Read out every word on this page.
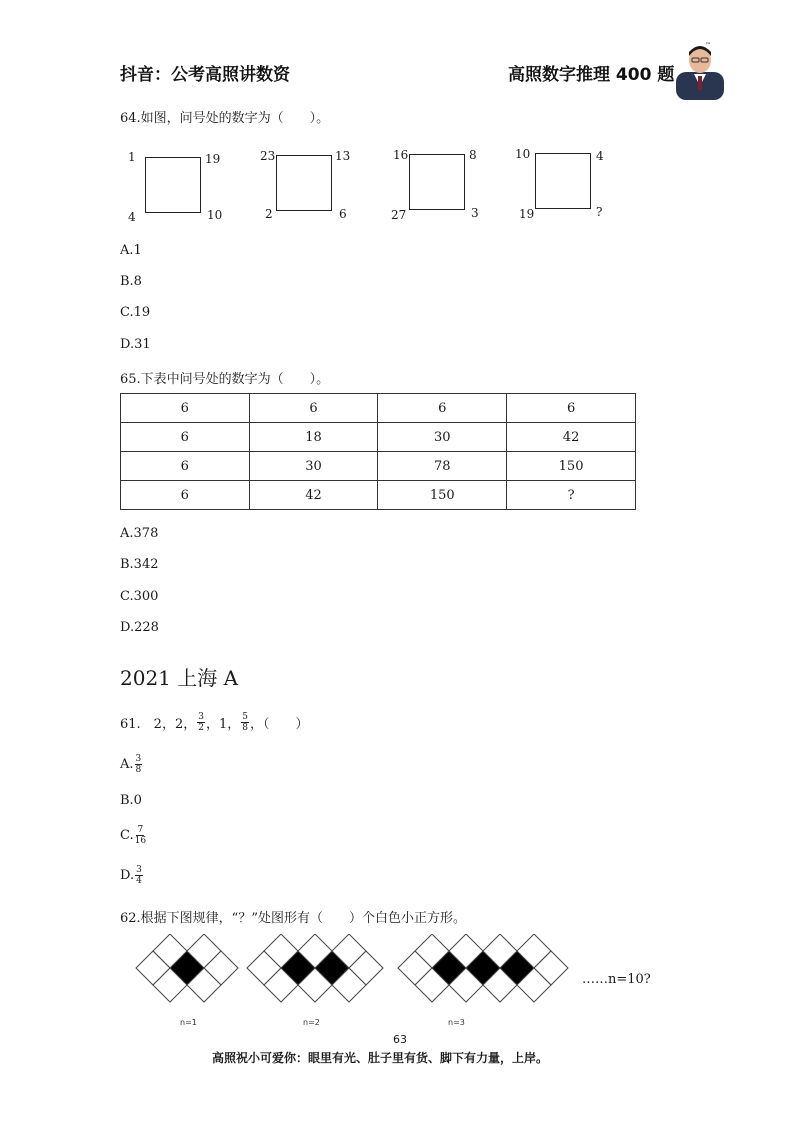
抖音：公考高照讲数资	高照数字推理 400 题
™
64.如图，问号处的数字为（　　）。
1	19
4	10
23	13
2	6
16	8
27	3
10	4
19	?
A.1
B.8
C.19
D.31
65.下表中问号处的数字为（　　）。
6	6	6	6
6	18	30	42
6	30	78	150
6	42	150	?
A.378
B.342
C.300
D.228
2021 上海 A
61.　2，2， $\frac{3}{2}$ ，1， $\frac{5}{8}$ ，（　　）
A. $\frac{3}{8}$
B.0
C. $\frac{7}{16}$
D. $\frac{3}{4}$
62.根据下图规律，“？”处图形有（　　）个白色小正方形。
……n=10?
n=1	n=2	n=3
63
高照祝小可爱你：眼里有光、肚子里有货、脚下有力量，上岸。
